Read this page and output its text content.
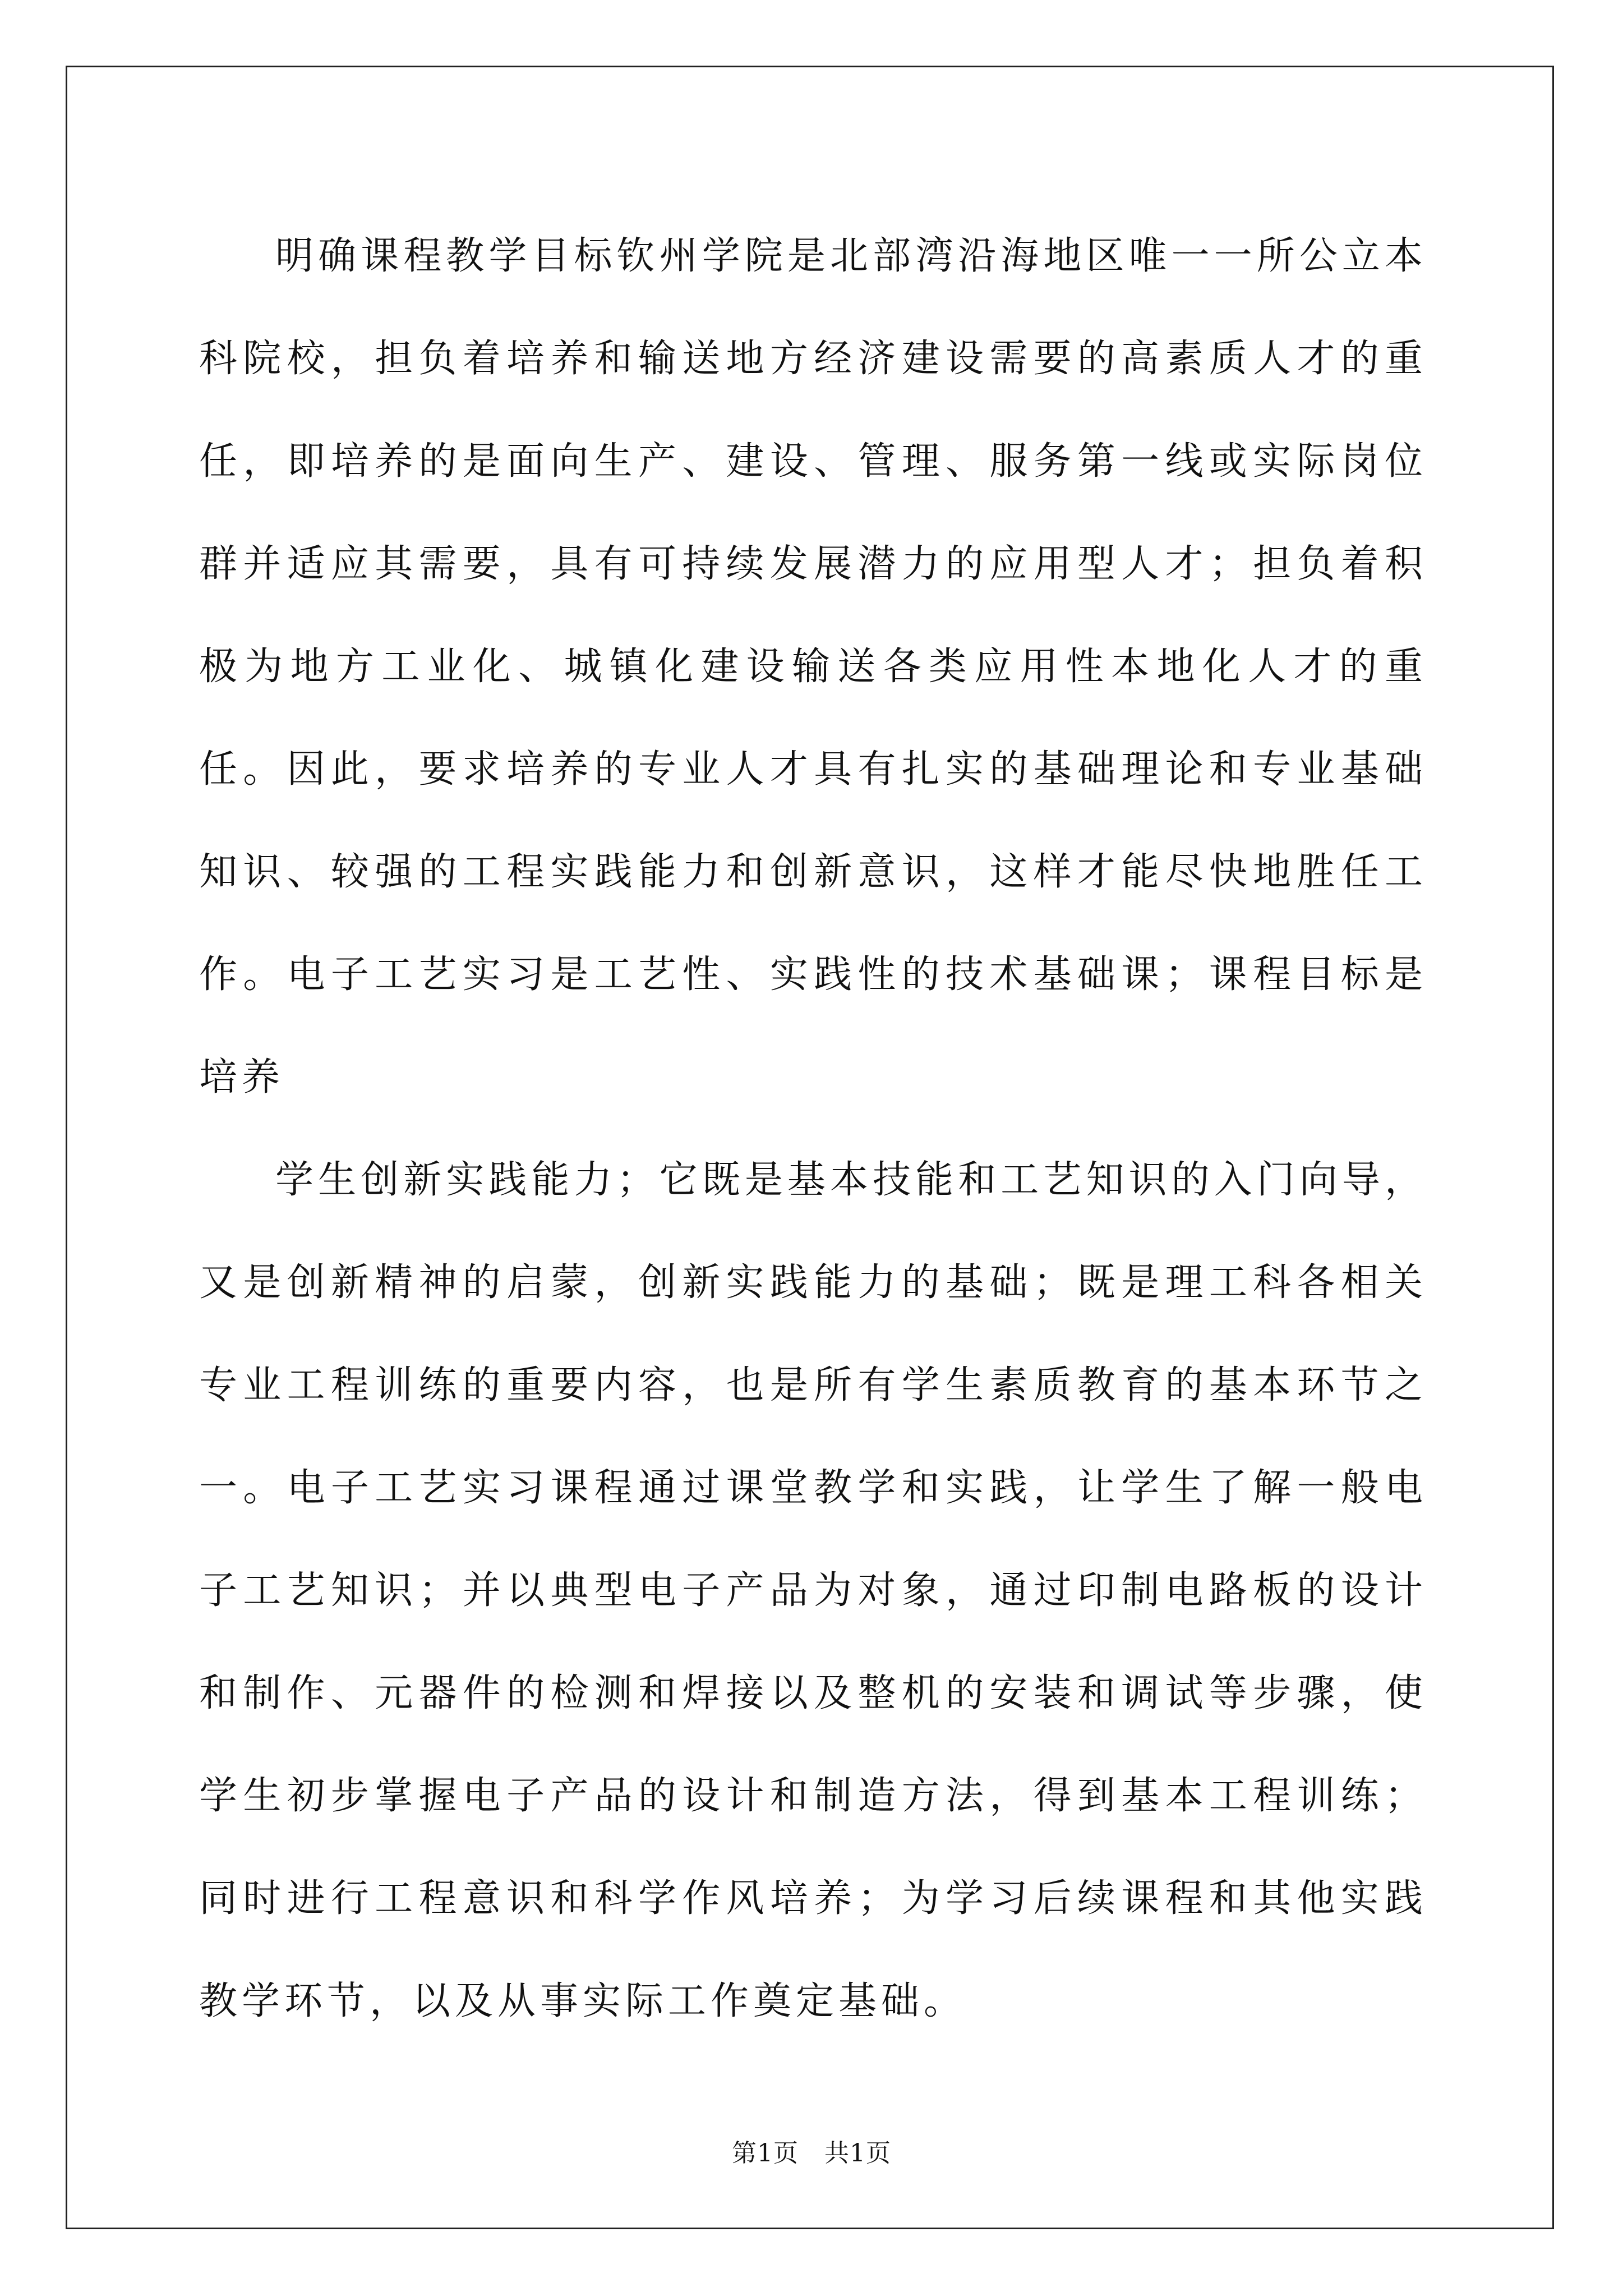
明确课程教学目标钦州学院是北部湾沿海地区唯一一所公立本科院校，担负着培养和输送地方经济建设需要的高素质人才的重任，即培养的是面向生产、建设、管理、服务第一线或实际岗位群并适应其需要，具有可持续发展潜力的应用型人才；担负着积极为地方工业化、城镇化建设输送各类应用性本地化人才的重任。因此，要求培养的专业人才具有扎实的基础理论和专业基础知识、较强的工程实践能力和创新意识，这样才能尽快地胜任工作。电子工艺实习是工艺性、实践性的技术基础课；课程目标是培养

学生创新实践能力；它既是基本技能和工艺知识的入门向导，又是创新精神的启蒙，创新实践能力的基础；既是理工科各相关专业工程训练的重要内容，也是所有学生素质教育的基本环节之一。电子工艺实习课程通过课堂教学和实践，让学生了解一般电子工艺知识；并以典型电子产品为对象，通过印制电路板的设计和制作、元器件的检测和焊接以及整机的安装和调试等步骤，使学生初步掌握电子产品的设计和制造方法，得到基本工程训练；同时进行工程意识和科学作风培养；为学习后续课程和其他实践教学环节，以及从事实际工作奠定基础。

第1页 共1页
